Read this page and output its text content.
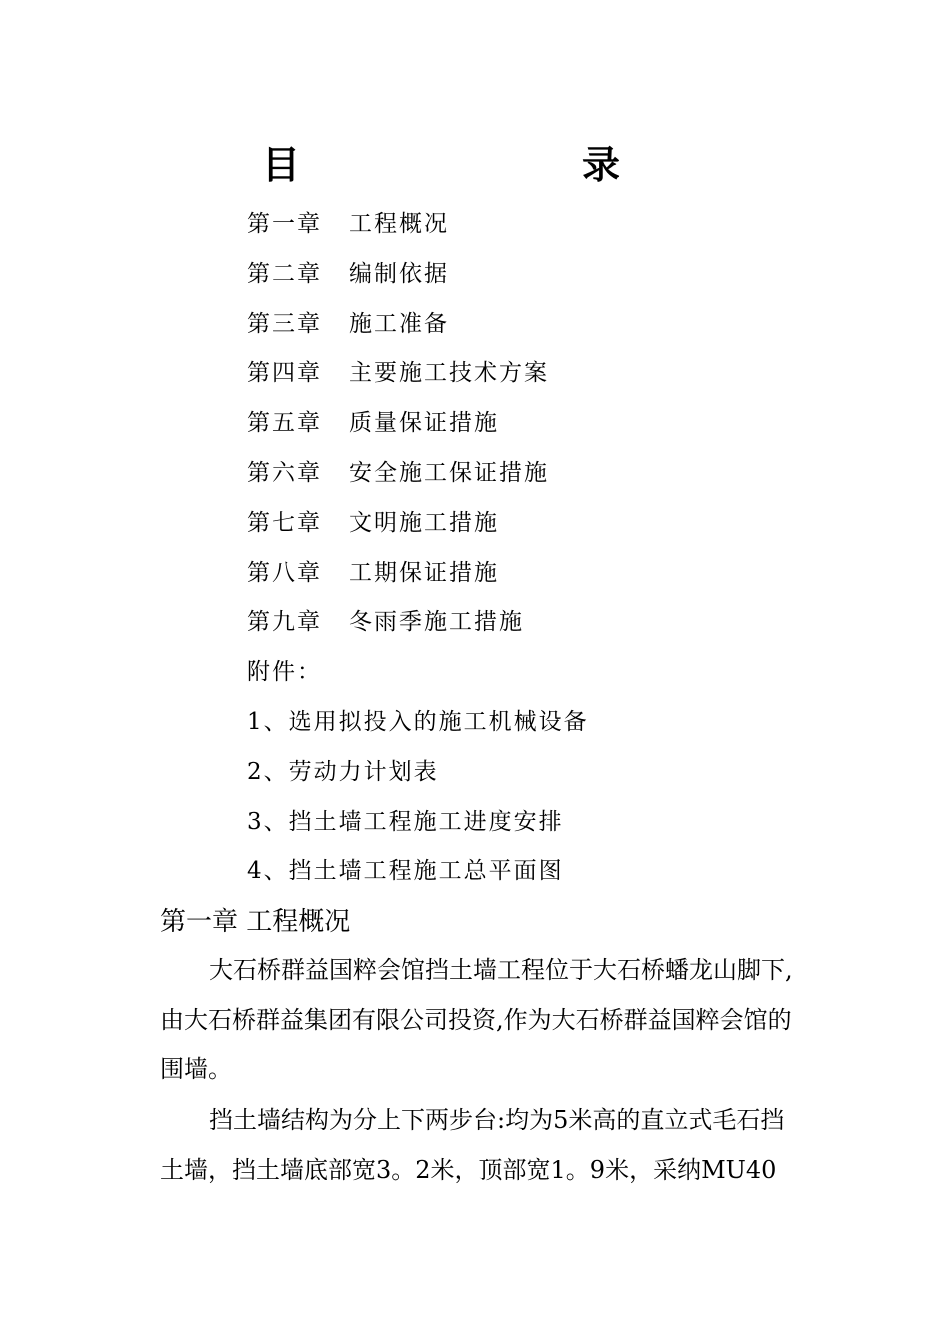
目　录
第一章 工程概况
第二章 编制依据
第三章 施工准备
第四章 主要施工技术方案
第五章 质量保证措施
第六章 安全施工保证措施
第七章 文明施工措施
第八章 工期保证措施
第九章 冬雨季施工措施
附件：
1、选用拟投入的施工机械设备
2、劳动力计划表
3、挡土墙工程施工进度安排
4、挡土墙工程施工总平面图
第一章 工程概况
大石桥群益国粹会馆挡土墙工程位于大石桥蟠龙山脚下,
由大石桥群益集团有限公司投资,作为大石桥群益国粹会馆的
围墙。
挡土墙结构为分上下两步台:均为5米高的直立式毛石挡
土墙，挡土墙底部宽3。2米，顶部宽1。9米，采纳MU40
